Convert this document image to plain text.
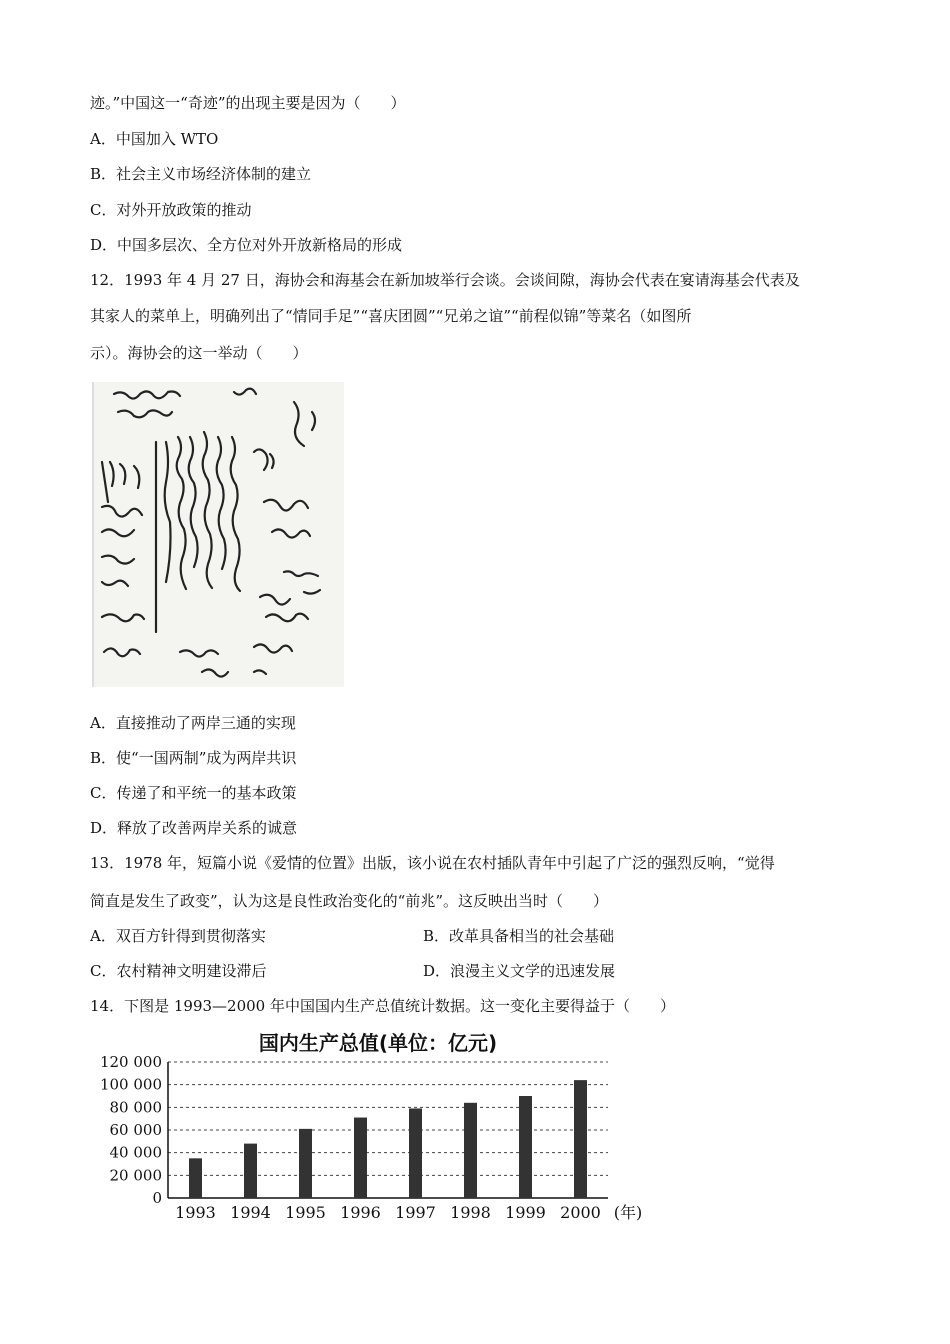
迹。”中国这一“奇迹”的出现主要是因为（　　）
A．中国加入 WTO
B．社会主义市场经济体制的建立
C．对外开放政策的推动
D．中国多层次、全方位对外开放新格局的形成
12．1993 年 4 月 27 日，海协会和海基会在新加坡举行会谈。会谈间隙，海协会代表在宴请海基会代表及
其家人的菜单上，明确列出了“情同手足”“喜庆团圆”“兄弟之谊”“前程似锦”等菜名（如图所
示）。海协会的这一举动（　　）
A．直接推动了两岸三通的实现
B．使“一国两制”成为两岸共识
C．传递了和平统一的基本政策
D．释放了改善两岸关系的诚意
13．1978 年，短篇小说《爱情的位置》出版，该小说在农村插队青年中引起了广泛的强烈反响，“觉得
简直是发生了政变”，认为这是良性政治变化的“前兆”。这反映出当时（　　）
A．双百方针得到贯彻落实	B．改革具备相当的社会基础
C．农村精神文明建设滞后	D．浪漫主义文学的迅速发展
14．下图是 1993—2000 年中国国内生产总值统计数据。这一变化主要得益于（　　）
国内生产总值(单位：亿元)
0
20 000
40 000
60 000
80 000
100 000
120 000
1993 1994 1995 1996 1997 1998 1999 2000 (年)
